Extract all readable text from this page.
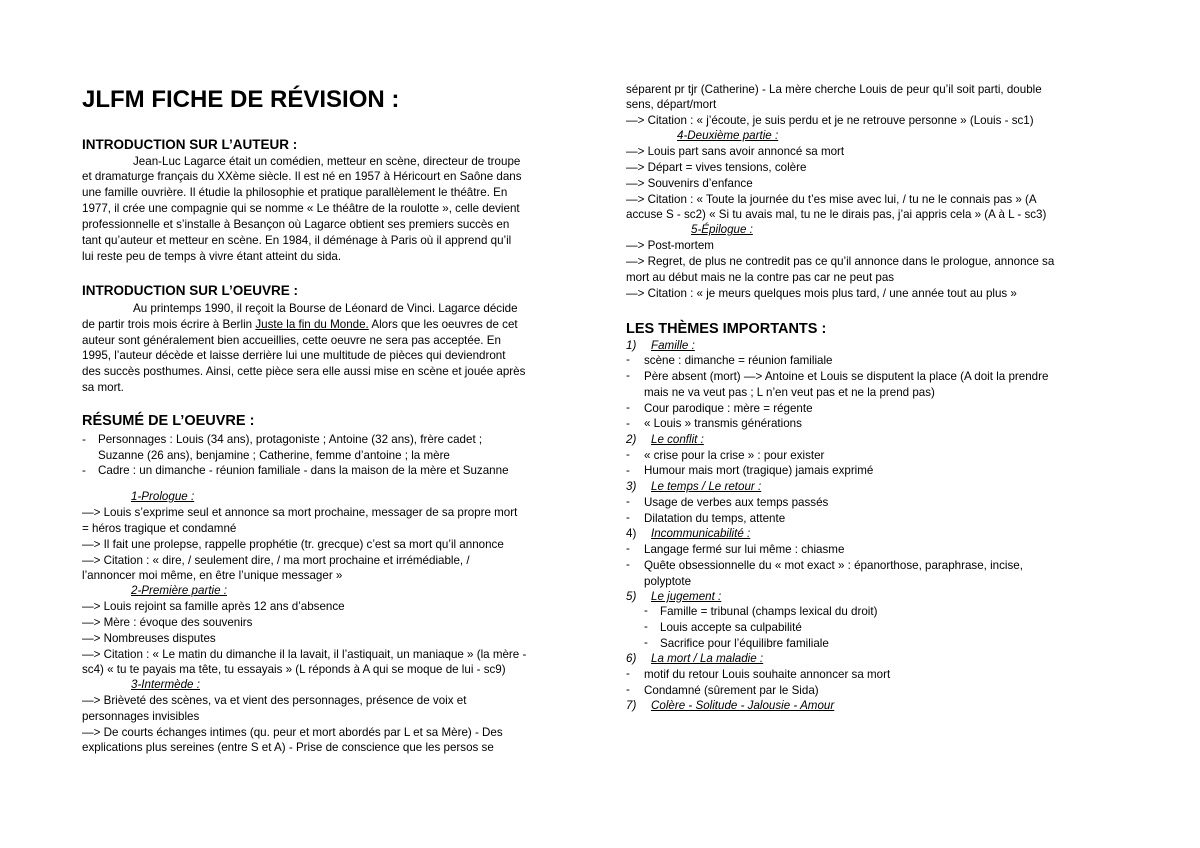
JLFM FICHE DE RÉVISION :
INTRODUCTION SUR L’AUTEUR :
Jean-Luc Lagarce était un comédien, metteur en scène, directeur de troupe
et dramaturge français du XXème siècle. Il est né en 1957 à Héricourt en Saône dans
une famille ouvrière. Il étudie la philosophie et pratique parallèlement le théâtre. En
1977, il crée une compagnie qui se nomme « Le théâtre de la roulotte », celle devient
professionnelle et s’installe à Besançon où Lagarce obtient ses premiers succès en
tant qu’auteur et metteur en scène. En 1984, il déménage à Paris où il apprend qu’il
lui reste peu de temps à vivre étant atteint du sida.
INTRODUCTION SUR L’OEUVRE :
Au printemps 1990, il reçoit la Bourse de Léonard de Vinci. Lagarce décide
de partir trois mois écrire à Berlin Juste la fin du Monde. Alors que les oeuvres de cet
auteur sont généralement bien accueillies, cette oeuvre ne sera pas acceptée. En
1995, l’auteur décède et laisse derrière lui une multitude de pièces qui deviendront
des succès posthumes. Ainsi, cette pièce sera elle aussi mise en scène et jouée après
sa mort.
RÉSUMÉ DE L’OEUVRE :
- Personnages : Louis (34 ans), protagoniste ; Antoine (32 ans), frère cadet ;
Suzanne (26 ans), benjamine ; Catherine, femme d’antoine ; la mère
- Cadre : un dimanche - réunion familiale - dans la maison de la mère et Suzanne
1-Prologue :
—> Louis s’exprime seul et annonce sa mort prochaine, messager de sa propre mort
= héros tragique et condamné
—> Il fait une prolepse, rappelle prophétie (tr. grecque) c’est sa mort qu’il annonce
—> Citation : « dire, / seulement dire, / ma mort prochaine et irrémédiable, /
l’annoncer moi même, en être l’unique messager »
2-Première partie :
—> Louis rejoint sa famille après 12 ans d’absence
—> Mère : évoque des souvenirs
—> Nombreuses disputes
—> Citation : « Le matin du dimanche il la lavait, il l’astiquait, un maniaque » (la mère -
sc4) « tu te payais ma tête, tu essayais » (L réponds à A qui se moque de lui - sc9)
3-Intermède :
—> Brièveté des scènes, va et vient des personnages, présence de voix et
personnages invisibles
—> De courts échanges intimes (qu. peur et mort abordés par L et sa Mère) - Des
explications plus sereines (entre S et A) - Prise de conscience que les persos se
séparent pr tjr (Catherine) - La mère cherche Louis de peur qu’il soit parti, double
sens, départ/mort
—> Citation : « j’écoute, je suis perdu et je ne retrouve personne » (Louis - sc1)
4-Deuxième partie :
—> Louis part sans avoir annoncé sa mort
—> Départ = vives tensions, colère
—> Souvenirs d’enfance
—> Citation : « Toute la journée du t’es mise avec lui, / tu ne le connais pas » (A
accuse S - sc2) « Si tu avais mal, tu ne le dirais pas, j’ai appris cela » (A à L - sc3)
5-Épilogue :
—> Post-mortem
—> Regret, de plus ne contredit pas ce qu’il annonce dans le prologue, annonce sa
mort au début mais ne la contre pas car ne peut pas
—> Citation : « je meurs quelques mois plus tard, / une année tout au plus »
LES THÈMES IMPORTANTS :
1) Famille :
- scène : dimanche = réunion familiale
- Père absent (mort) —> Antoine et Louis se disputent la place (A doit la prendre
mais ne va veut pas ; L n’en veut pas et ne la prend pas)
- Cour parodique : mère = régente
- « Louis » transmis générations
2) Le conflit :
- « crise pour la crise » : pour exister
- Humour mais mort (tragique) jamais exprimé
3) Le temps / Le retour :
- Usage de verbes aux temps passés
- Dilatation du temps, attente
4) Incommunicabilité :
- Langage fermé sur lui même : chiasme
- Quête obsessionnelle du « mot exact » : épanorthose, paraphrase, incise,
polyptote
5) Le jugement :
- Famille = tribunal (champs lexical du droit)
- Louis accepte sa culpabilité
- Sacrifice pour l’équilibre familiale
6) La mort / La maladie :
- motif du retour Louis souhaite annoncer sa mort
- Condamné (sûrement par le Sida)
7) Colère - Solitude - Jalousie - Amour
